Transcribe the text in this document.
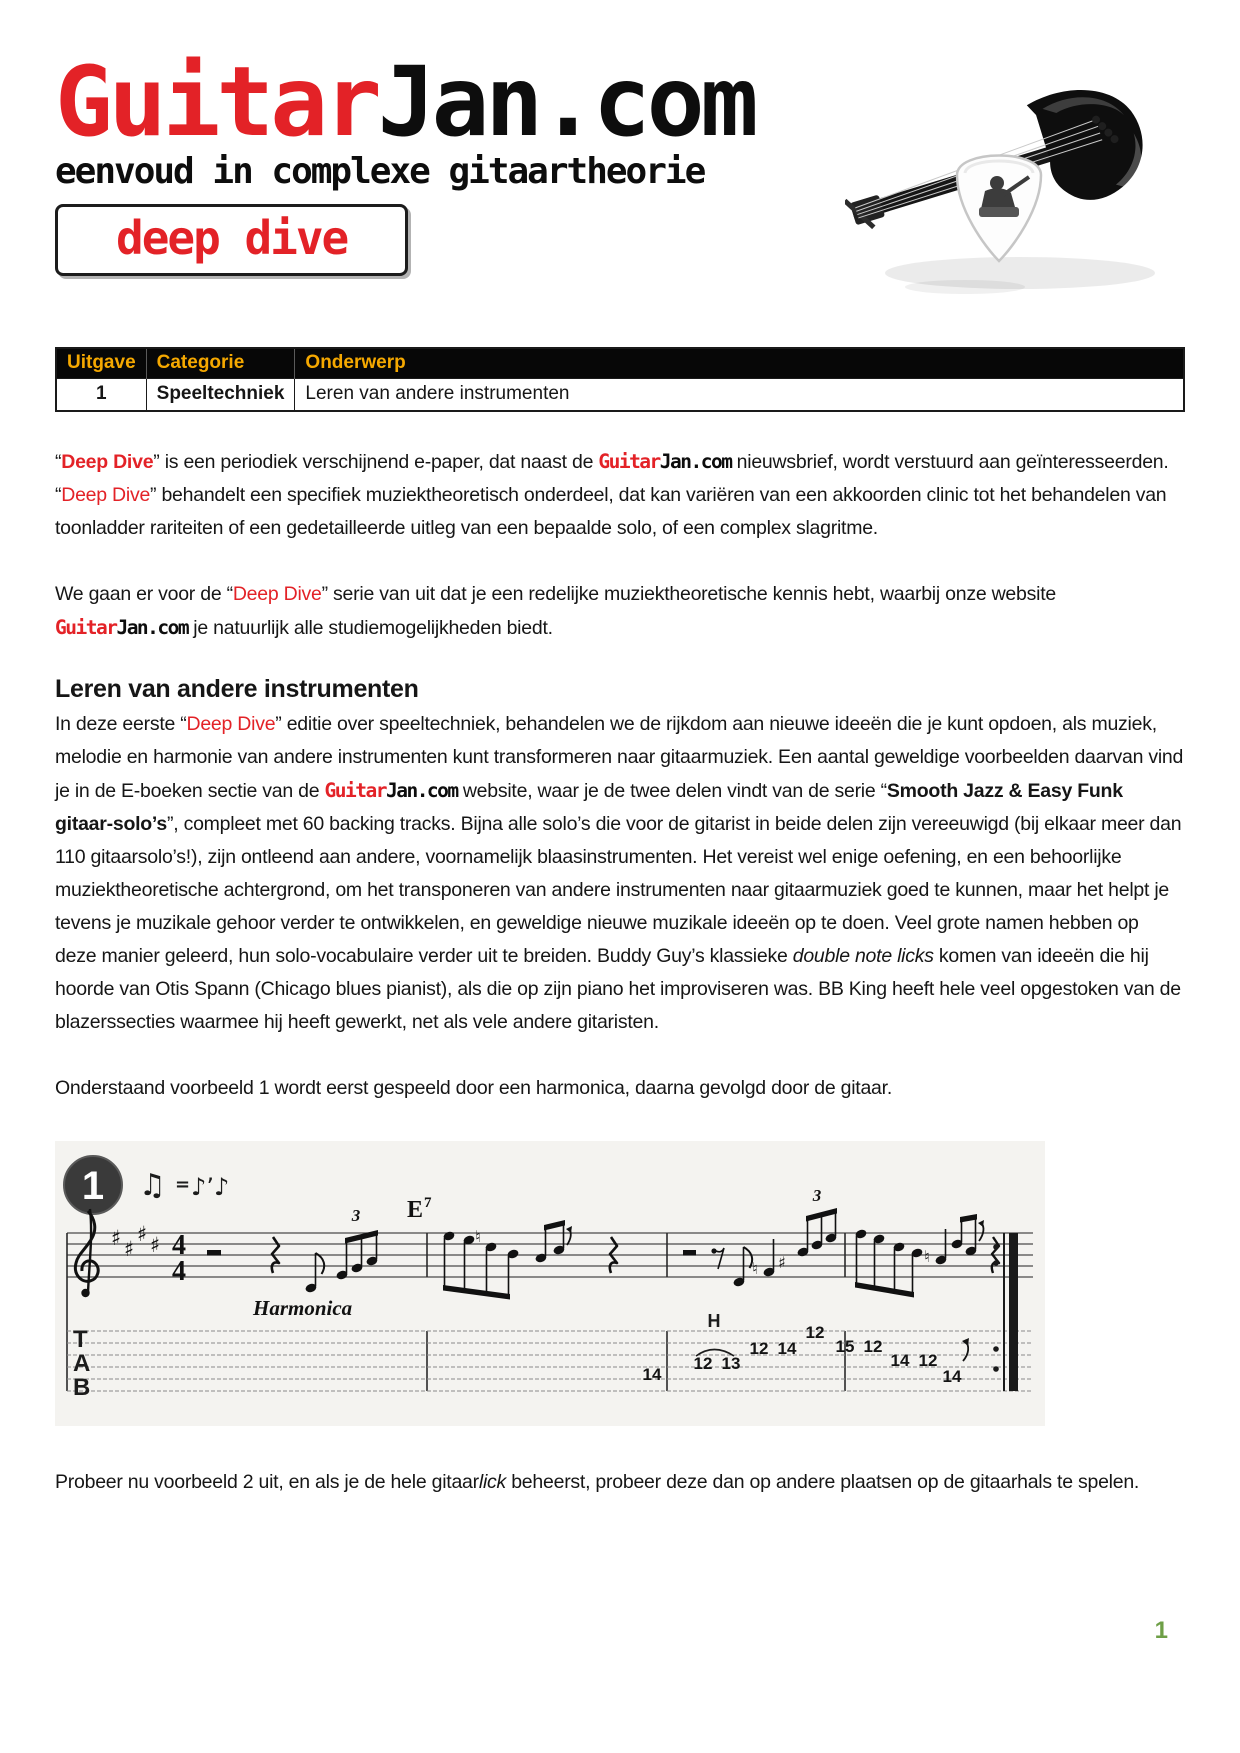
GuitarJan.com
eenvoud in complexe gitaartheorie
deep dive
Uitgave	Categorie	Onderwerp
1	Speeltechniek	Leren van andere instrumenten

“Deep Dive” is een periodiek verschijnend e-paper, dat naast de GuitarJan.com nieuwsbrief, wordt verstuurd aan geïnteresseerden. “Deep Dive” behandelt een specifiek muziektheoretisch onderdeel, dat kan variëren van een akkoorden clinic tot het behandelen van toonladder rariteiten of een gedetailleerde uitleg van een bepaalde solo, of een complex slagritme.

We gaan er voor de “Deep Dive” serie van uit dat je een redelijke muziektheoretische kennis hebt, waarbij onze website GuitarJan.com je natuurlijk alle studiemogelijkheden biedt.

Leren van andere instrumenten

In deze eerste “Deep Dive” editie over speeltechniek, behandelen we de rijkdom aan nieuwe ideeën die je kunt opdoen, als muziek, melodie en harmonie van andere instrumenten kunt transformeren naar gitaarmuziek. Een aantal geweldige voorbeelden daarvan vind je in de E-boeken sectie van de GuitarJan.com website, waar je de twee delen vindt van de serie “Smooth Jazz & Easy Funk gitaar-solo’s”, compleet met 60 backing tracks. Bijna alle solo’s die voor de gitarist in beide delen zijn vereeuwigd (bij elkaar meer dan 110 gitaarsolo’s!), zijn ontleend aan andere, voornamelijk blaasinstrumenten. Het vereist wel enige oefening, en een behoorlijke muziektheoretische achtergrond, om het transponeren van andere instrumenten naar gitaarmuziek goed te kunnen, maar het helpt je tevens je muzikale gehoor verder te ontwikkelen, en geweldige nieuwe muzikale ideeën op te doen. Veel grote namen hebben op deze manier geleerd, hun solo-vocabulaire verder uit te breiden. Buddy Guy’s klassieke double note licks komen van ideeën die hij hoorde van Otis Spann (Chicago blues pianist), als die op zijn piano het improviseren was. BB King heeft hele veel opgestoken van de blazerssecties waarmee hij heeft gewerkt, net als vele andere gitaristen.

Onderstaand voorbeeld 1 wordt eerst gespeeld door een harmonica, daarna gevolgd door de gitaar.

1 ♫ = ♪’♪
♯ ♯
♯ ♯ 4
4
E 7
3
3
♮
♮ ♯	♮
Harmonica
T
A
B
H
14
12 13
12 14
12
15 12
14 12
14

Probeer nu voorbeeld 2 uit, en als je de hele gitaarlick beheerst, probeer deze dan op andere plaatsen op de gitaarhals te spelen.

1
